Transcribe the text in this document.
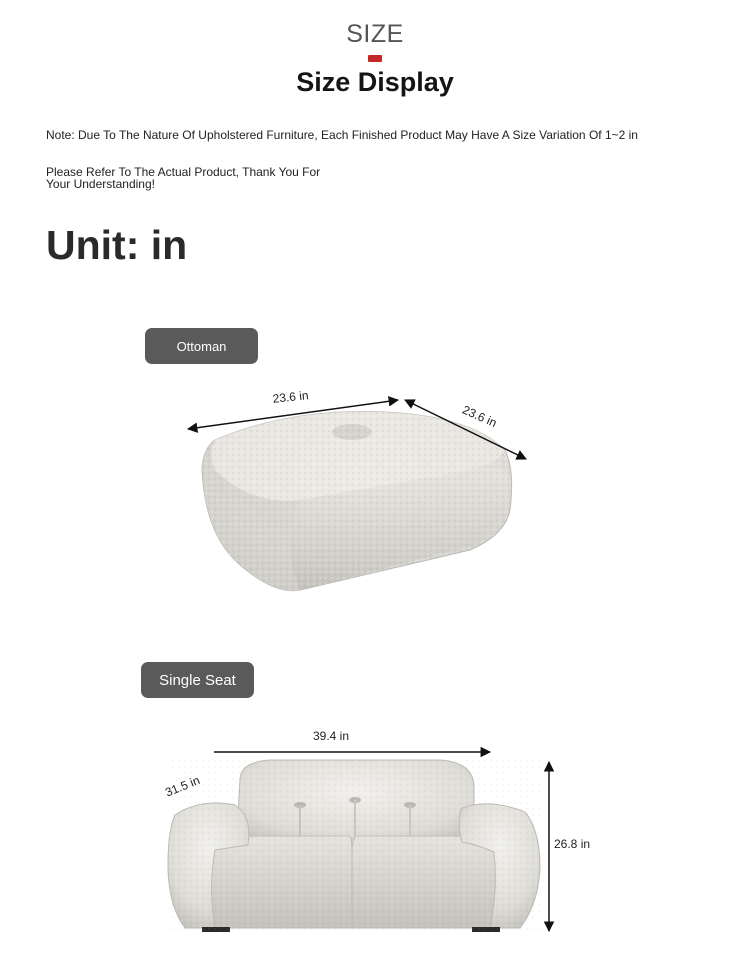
SIZE
Size Display
Note: Due To The Nature Of Upholstered Furniture, Each Finished Product May Have A Size Variation Of 1~2 in
Please Refer To The Actual Product, Thank You For
Your Understanding!
Unit: in
Ottoman
Single Seat
23.6 in
23.6 in
39.4 in
31.5 in
26.8 in
